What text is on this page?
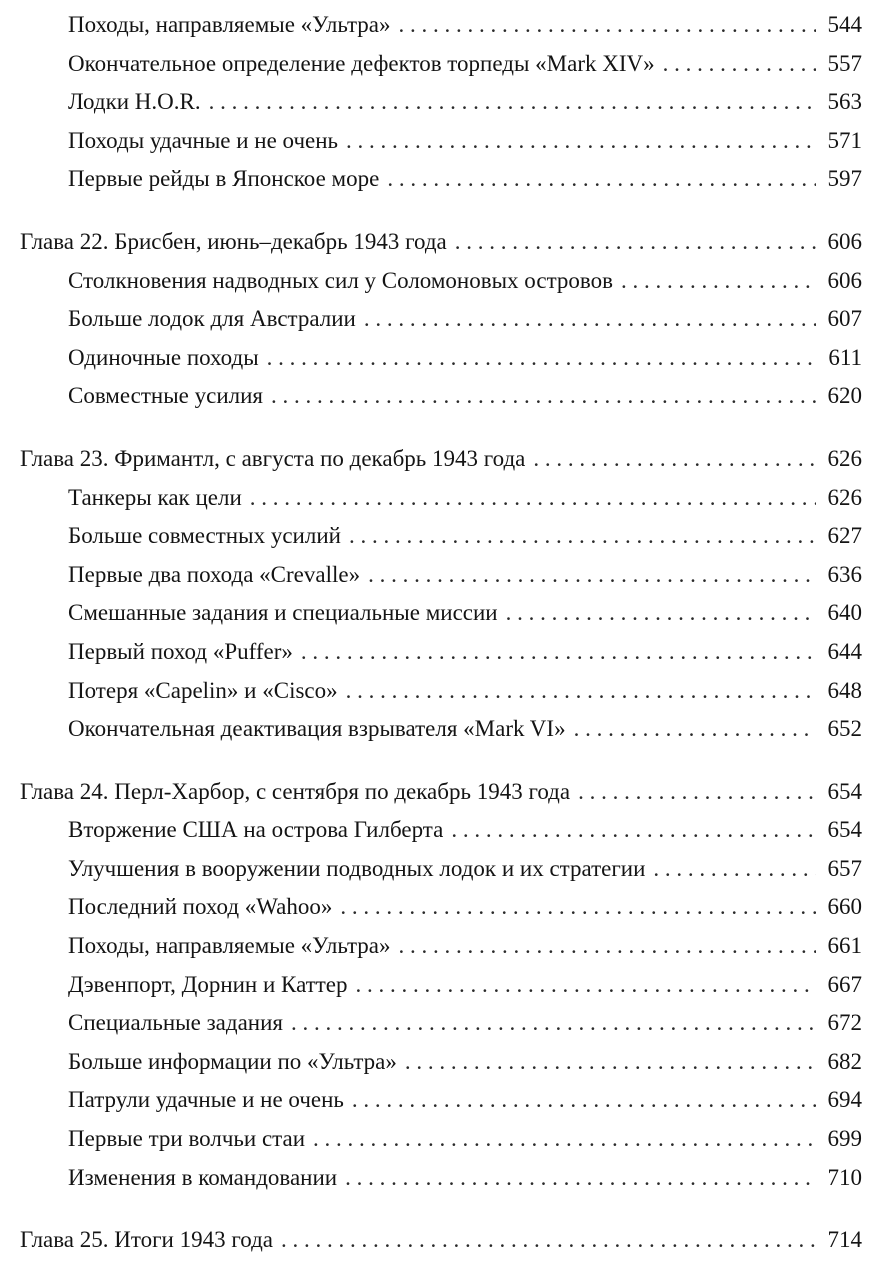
Походы, направляемые «Ультра» . . .	544
Окончательное определение дефектов торпеды «Mark XIV» . . .	557
Лодки H.O.R. . . .	563
Походы удачные и не очень . . .	571
Первые рейды в Японское море . . .	597
Глава 22. Брисбен, июнь–декабрь 1943 года . . .	606
Столкновения надводных сил у Соломоновых островов . . .	606
Больше лодок для Австралии . . .	607
Одиночные походы . . .	611
Совместные усилия . . .	620
Глава 23. Фримантл, с августа по декабрь 1943 года . . .	626
Танкеры как цели . . .	626
Больше совместных усилий . . .	627
Первые два похода «Crevalle» . . .	636
Смешанные задания и специальные миссии . . .	640
Первый поход «Puffer» . . .	644
Потеря «Capelin» и «Cisco» . . .	648
Окончательная деактивация взрывателя «Mark VI» . . .	652
Глава 24. Перл-Харбор, с сентября по декабрь 1943 года . . .	654
Вторжение США на острова Гилберта . . .	654
Улучшения в вооружении подводных лодок и их стратегии . . .	657
Последний поход «Wahoo» . . .	660
Походы, направляемые «Ультра» . . .	661
Дэвенпорт, Дорнин и Каттер . . .	667
Специальные задания . . .	672
Больше информации по «Ультра» . . .	682
Патрули удачные и не очень . . .	694
Первые три волчьи стаи . . .	699
Изменения в командовании . . .	710
Глава 25. Итоги 1943 года . . .	714
